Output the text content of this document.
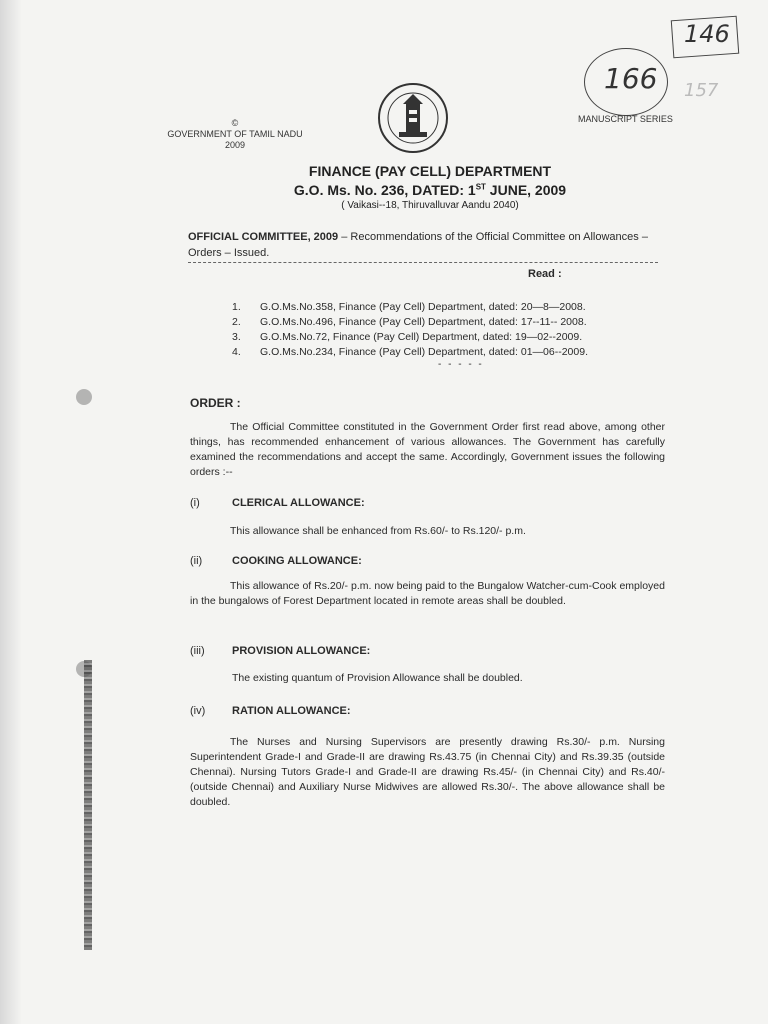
146
166 157
©
GOVERNMENT OF TAMIL NADU
2009
MANUSCRIPT SERIES
FINANCE (PAY CELL) DEPARTMENT
G.O. Ms. No. 236, DATED: 1ST JUNE, 2009
( Vaikasi--18, Thiruvalluvar Aandu 2040)
OFFICIAL COMMITTEE, 2009 – Recommendations of the Official Committee on Allowances – Orders – Issued.
Read :
1.	G.O.Ms.No.358, Finance (Pay Cell) Department, dated: 20—8—2008.
2.	G.O.Ms.No.496, Finance (Pay Cell) Department, dated: 17--11-- 2008.
3.	G.O.Ms.No.72, Finance (Pay Cell) Department, dated: 19—02--2009.
4.	G.O.Ms.No.234, Finance (Pay Cell) Department, dated: 01—06--2009.
- - - - -
ORDER :
The Official Committee constituted in the Government Order first read above, among other things, has recommended enhancement of various allowances. The Government has carefully examined the recommendations and accept the same. Accordingly, Government issues the following orders :--
(i)	CLERICAL ALLOWANCE:
This allowance shall be enhanced from Rs.60/- to Rs.120/- p.m.
(ii)	COOKING ALLOWANCE:
This allowance of Rs.20/- p.m. now being paid to the Bungalow Watcher-cum-Cook employed in the bungalows of Forest Department located in remote areas shall be doubled.
(iii)	PROVISION ALLOWANCE:
The existing quantum of Provision Allowance shall be doubled.
(iv)	RATION ALLOWANCE:
The Nurses and Nursing Supervisors are presently drawing Rs.30/- p.m. Nursing Superintendent Grade-I and Grade-II are drawing Rs.43.75 (in Chennai City) and Rs.39.35 (outside Chennai). Nursing Tutors Grade-I and Grade-II are drawing Rs.45/- (in Chennai City) and Rs.40/- (outside Chennai) and Auxiliary Nurse Midwives are allowed Rs.30/-. The above allowance shall be doubled.
